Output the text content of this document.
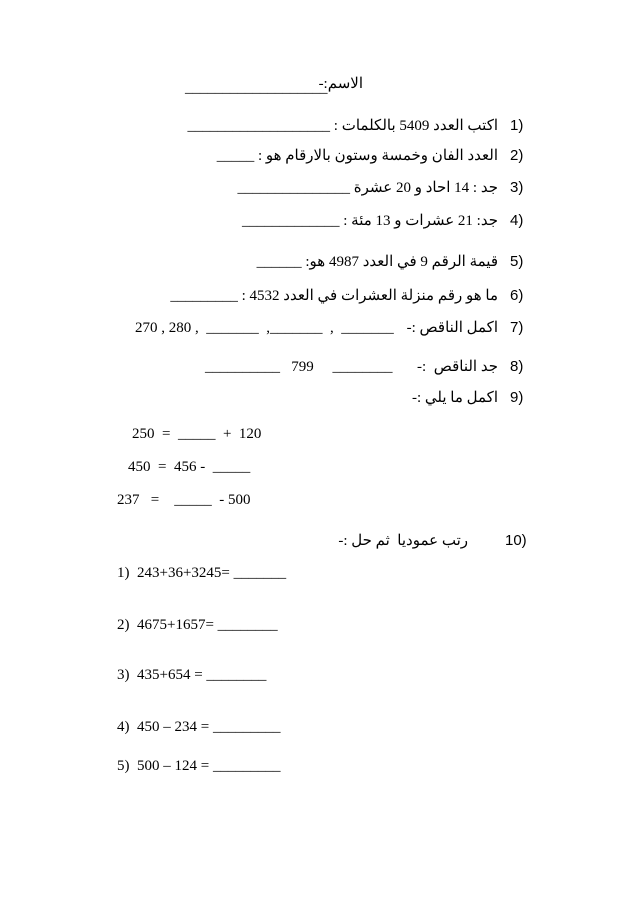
الاسم:-
___________________
1)
اكتب العدد 5409 بالكلمات : ___________________
2)
العدد الفان وخمسة وستون بالارقام هو : _____
3)
جد : 14 احاد و 20 عشرة _______________
4)
جد: 21 عشرات و 13 مئة : _____________
5)
قيمة الرقم 9 في العدد 4987 هو: ______
6)
ما هو رقم منزلة العشرات في العدد 4532 : _________
7)
اكمل الناقص :-
270 , 280 ,  _______  ,_______  ,  _______
8)
جد الناقص  :-
__________   799     ________
9)
اكمل ما يلي :-
250  =  _____  +  120
450  =  456 -  _____
237   =    _____  - 500
10)
رتب عموديا  ثم حل :-
1)  243+36+3245= _______
2)  4675+1657= ________
3)  435+654 = ________
4)  450 – 234 = _________
5)  500 – 124 = _________
